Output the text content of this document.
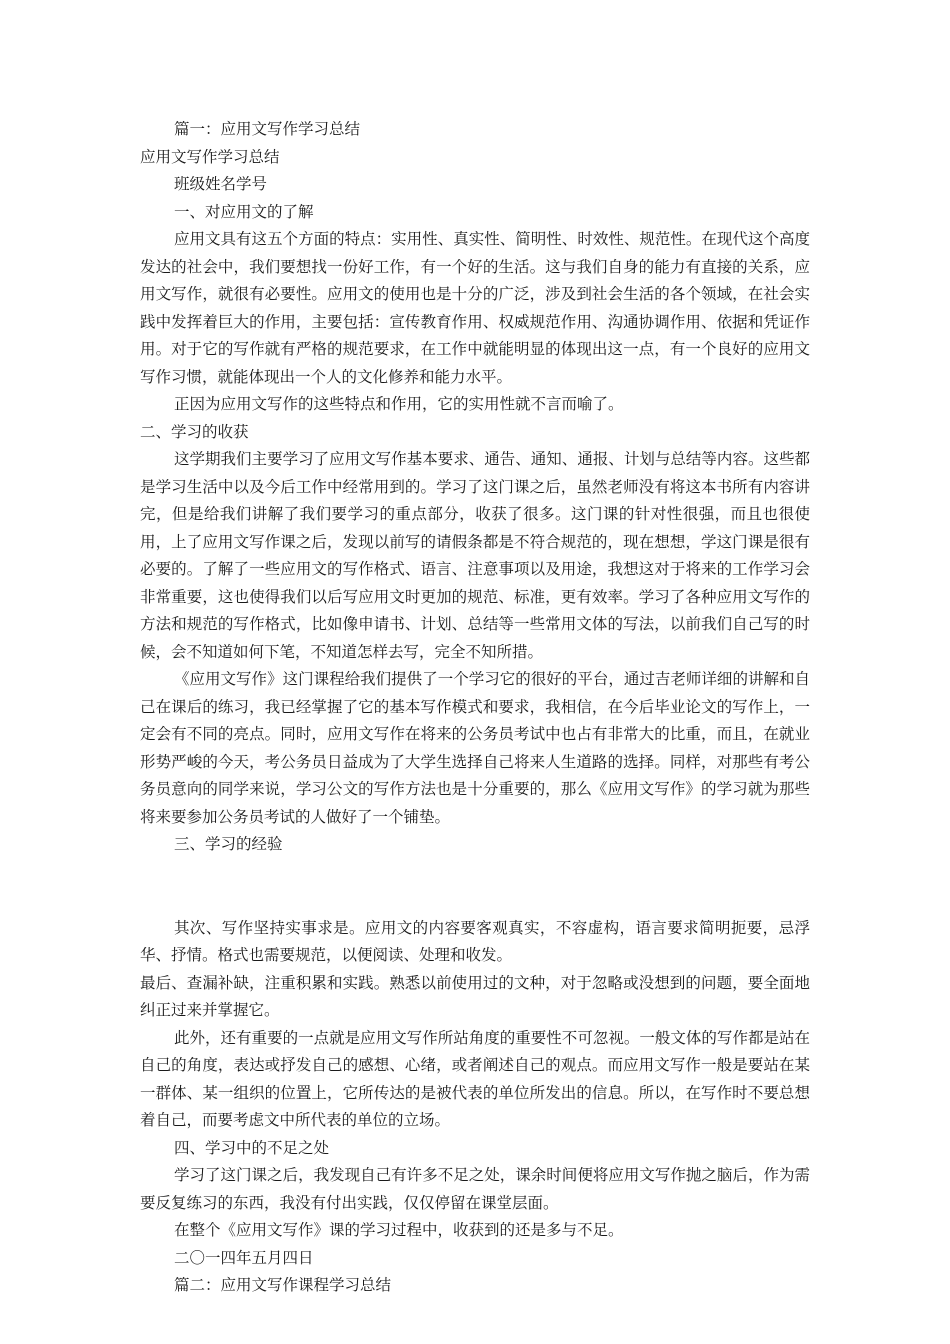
篇一：应用文写作学习总结

应用文写作学习总结

班级姓名学号

一、对应用文的了解

应用文具有这五个方面的特点：实用性、真实性、简明性、时效性、规范性。在现代这个高度发达的社会中，我们要想找一份好工作，有一个好的生活。这与我们自身的能力有直接的关系，应用文写作，就很有必要性。应用文的使用也是十分的广泛，涉及到社会生活的各个领域，在社会实践中发挥着巨大的作用，主要包括：宣传教育作用、权威规范作用、沟通协调作用、依据和凭证作用。对于它的写作就有严格的规范要求，在工作中就能明显的体现出这一点，有一个良好的应用文写作习惯，就能体现出一个人的文化修养和能力水平。

正因为应用文写作的这些特点和作用，它的实用性就不言而喻了。

二、学习的收获

这学期我们主要学习了应用文写作基本要求、通告、通知、通报、计划与总结等内容。这些都是学习生活中以及今后工作中经常用到的。学习了这门课之后，虽然老师没有将这本书所有内容讲完，但是给我们讲解了我们要学习的重点部分，收获了很多。这门课的针对性很强，而且也很使用，上了应用文写作课之后，发现以前写的请假条都是不符合规范的，现在想想，学这门课是很有必要的。了解了一些应用文的写作格式、语言、注意事项以及用途，我想这对于将来的工作学习会非常重要，这也使得我们以后写应用文时更加的规范、标准，更有效率。学习了各种应用文写作的方法和规范的写作格式，比如像申请书、计划、总结等一些常用文体的写法，以前我们自己写的时候，会不知道如何下笔，不知道怎样去写，完全不知所措。

《应用文写作》这门课程给我们提供了一个学习它的很好的平台，通过吉老师详细的讲解和自己在课后的练习，我已经掌握了它的基本写作模式和要求，我相信，在今后毕业论文的写作上，一定会有不同的亮点。同时，应用文写作在将来的公务员考试中也占有非常大的比重，而且，在就业形势严峻的今天，考公务员日益成为了大学生选择自己将来人生道路的选择。同样，对那些有考公务员意向的同学来说，学习公文的写作方法也是十分重要的，那么《应用文写作》的学习就为那些将来要参加公务员考试的人做好了一个铺垫。

三、学习的经验

其次、写作坚持实事求是。应用文的内容要客观真实，不容虚构，语言要求简明扼要，忌浮华、抒情。格式也需要规范，以便阅读、处理和收发。

最后、查漏补缺，注重积累和实践。熟悉以前使用过的文种，对于忽略或没想到的问题，要全面地纠正过来并掌握它。

此外，还有重要的一点就是应用文写作所站角度的重要性不可忽视。一般文体的写作都是站在自己的角度，表达或抒发自己的感想、心绪，或者阐述自己的观点。而应用文写作一般是要站在某一群体、某一组织的位置上，它所传达的是被代表的单位所发出的信息。所以，在写作时不要总想着自己，而要考虑文中所代表的单位的立场。

四、学习中的不足之处

学习了这门课之后，我发现自己有许多不足之处，课余时间便将应用文写作抛之脑后，作为需要反复练习的东西，我没有付出实践，仅仅停留在课堂层面。

在整个《应用文写作》课的学习过程中，收获到的还是多与不足。

二〇一四年五月四日

篇二：应用文写作课程学习总结
